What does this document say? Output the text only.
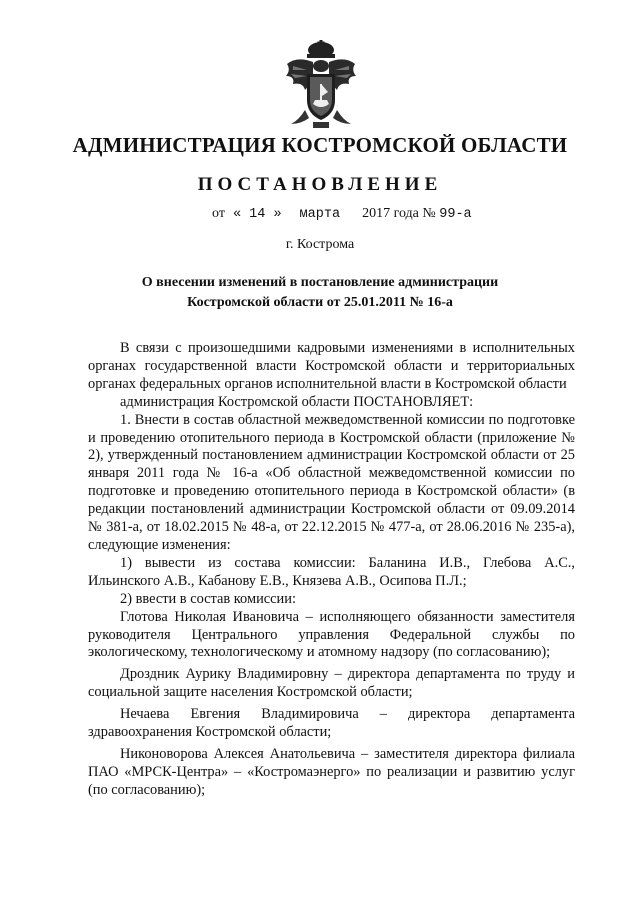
АДМИНИСТРАЦИЯ КОСТРОМСКОЙ ОБЛАСТИ
ПОСТАНОВЛЕНИЕ
от « 14 » марта 2017 года № 99-а
г. Кострома
О внесении изменений в постановление администрации
Костромской области от 25.01.2011 № 16-а

В связи с произошедшими кадровыми изменениями в исполнительных органах государственной власти Костромской области и территориальных органах федеральных органов исполнительной власти в Костромской области

администрация Костромской области ПОСТАНОВЛЯЕТ:

1. Внести в состав областной межведомственной комиссии по подготовке и проведению отопительного периода в Костромской области (приложение № 2), утвержденный постановлением администрации Костромской области от 25 января 2011 года № 16-а «Об областной межведомственной комиссии по подготовке и проведению отопительного периода в Костромской области» (в редакции постановлений администрации Костромской области от 09.09.2014 № 381-а, от 18.02.2015 № 48-а, от 22.12.2015 № 477-а, от 28.06.2016 № 235-а), следующие изменения:

1) вывести из состава комиссии: Баланина И.В., Глебова А.С., Ильинского А.В., Кабанову Е.В., Князева А.В., Осипова П.Л.;

2) ввести в состав комиссии:

Глотова Николая Ивановича – исполняющего обязанности заместителя руководителя Центрального управления Федеральной службы по экологическому, технологическому и атомному надзору (по согласованию);

Дроздник Аурику Владимировну – директора департамента по труду и социальной защите населения Костромской области;

Нечаева Евгения Владимировича – директора департамента здравоохранения Костромской области;

Никоноворова Алексея Анатольевича – заместителя директора филиала ПАО «МРСК-Центра» – «Костромаэнерго» по реализации и развитию услуг (по согласованию);
